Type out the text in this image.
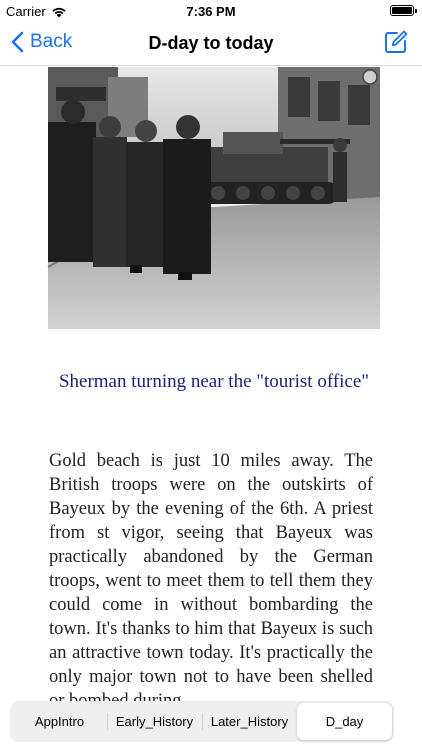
Carrier	7:36 PM
Back	D-day to today
Sherman turning near the "tourist office"
Gold beach is just 10 miles away. The British troops were on the outskirts of Bayeux by the evening of the 6th. A priest from st vigor, seeing that Bayeux was practically abandoned by the German troops, went to meet them to tell them they could come in without bombarding the town. It's thanks to him that Bayeux is such an attractive town today. It's practically the only major town not to have been shelled
AppIntro Early_History Later_History	D_day
